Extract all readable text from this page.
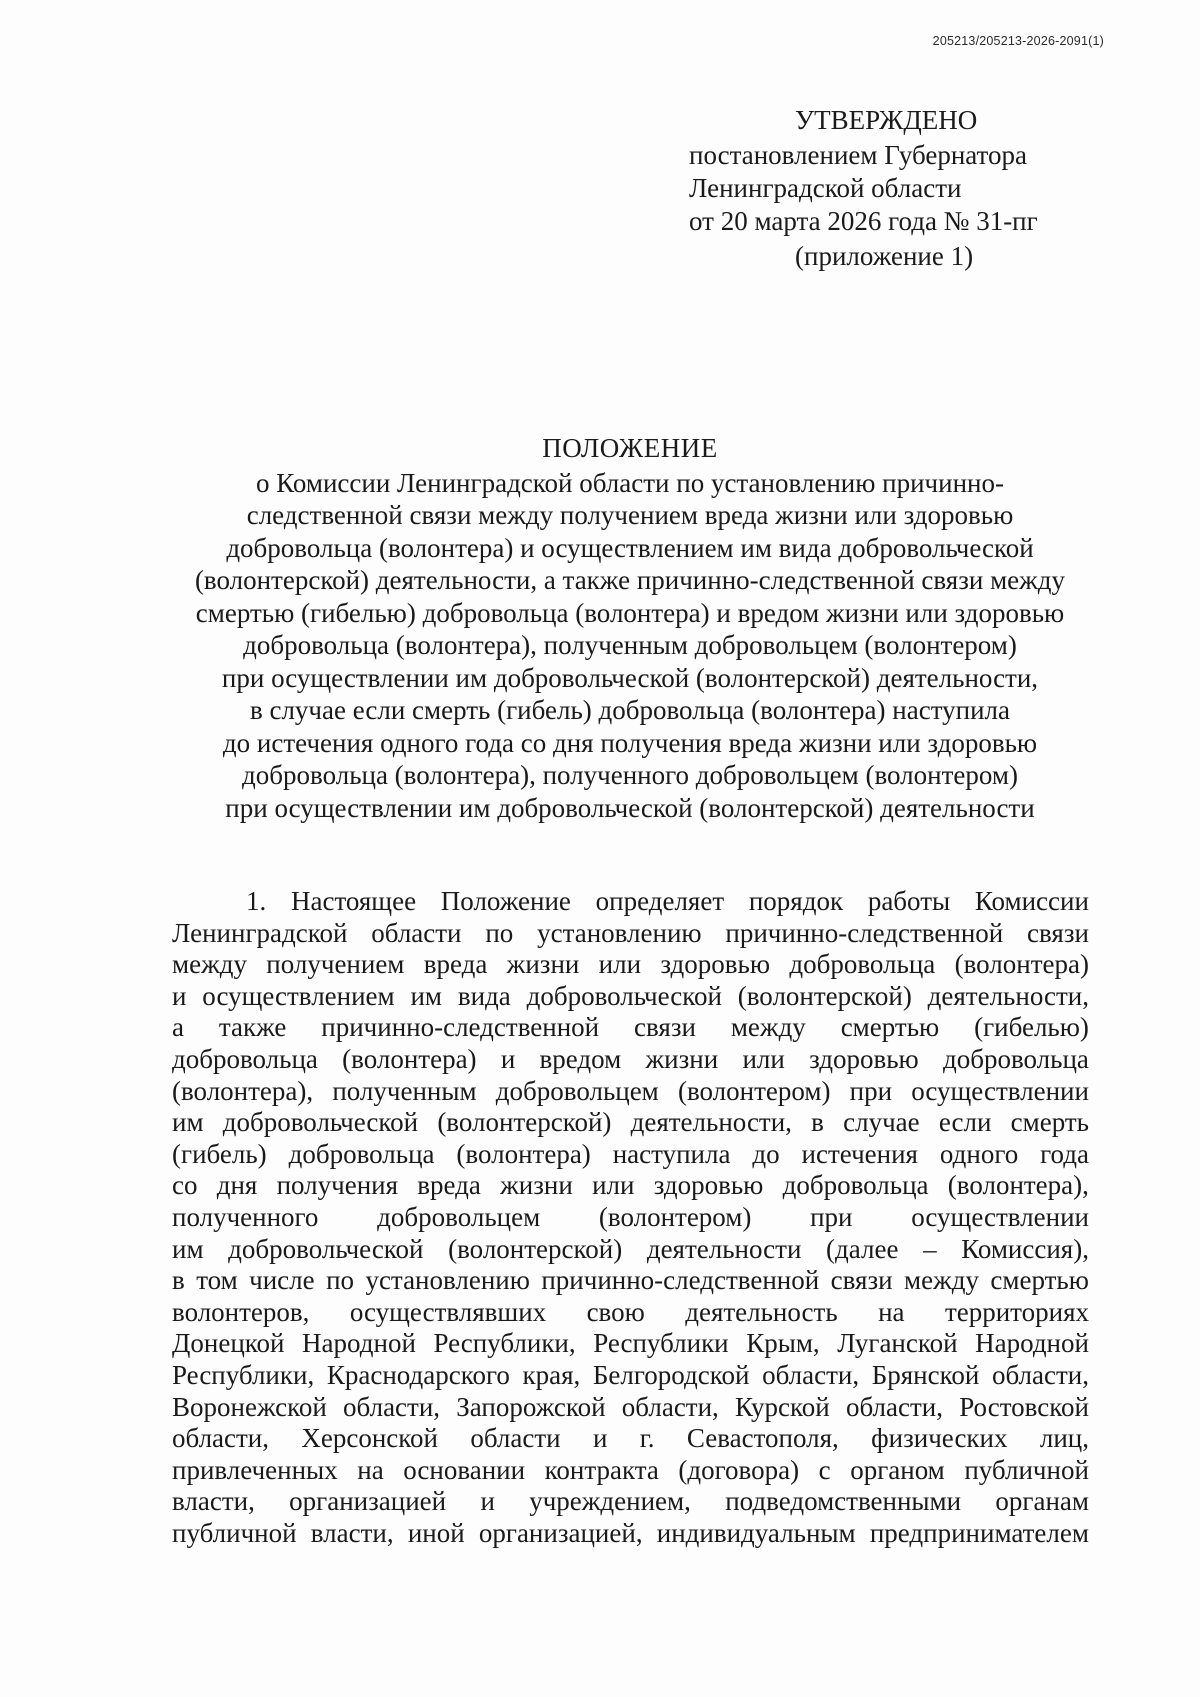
205213/205213-2026-2091(1)
УТВЕРЖДЕНО
постановлением Губернатора
Ленинградской области
от 20 марта 2026 года № 31-пг
(приложение 1)
ПОЛОЖЕНИЕ
о Комиссии Ленинградской области по установлению причинно-
следственной связи между получением вреда жизни или здоровью
добровольца (волонтера) и осуществлением им вида добровольческой
(волонтерской) деятельности, а также причинно-следственной связи между
смертью (гибелью) добровольца (волонтера) и вредом жизни или здоровью
добровольца (волонтера), полученным добровольцем (волонтером)
при осуществлении им добровольческой (волонтерской) деятельности,
в случае если смерть (гибель) добровольца (волонтера) наступила
до истечения одного года со дня получения вреда жизни или здоровью
добровольца (волонтера), полученного добровольцем (волонтером)
при осуществлении им добровольческой (волонтерской) деятельности
1. Настоящее Положение определяет порядок работы Комиссии
Ленинградской области по установлению причинно-следственной связи
между получением вреда жизни или здоровью добровольца (волонтера)
и осуществлением им вида добровольческой (волонтерской) деятельности,
а также причинно-следственной связи между смертью (гибелью)
добровольца (волонтера) и вредом жизни или здоровью добровольца
(волонтера), полученным добровольцем (волонтером) при осуществлении
им добровольческой (волонтерской) деятельности, в случае если смерть
(гибель) добровольца (волонтера) наступила до истечения одного года
со дня получения вреда жизни или здоровью добровольца (волонтера),
полученного добровольцем (волонтером) при осуществлении
им добровольческой (волонтерской) деятельности (далее – Комиссия),
в том числе по установлению причинно-следственной связи между смертью
волонтеров, осуществлявших свою деятельность на территориях
Донецкой Народной Республики, Республики Крым, Луганской Народной
Республики, Краснодарского края, Белгородской области, Брянской области,
Воронежской области, Запорожской области, Курской области, Ростовской
области, Херсонской области и г. Севастополя, физических лиц,
привлеченных на основании контракта (договора) с органом публичной
власти, организацией и учреждением, подведомственными органам
публичной власти, иной организацией, индивидуальным предпринимателем
